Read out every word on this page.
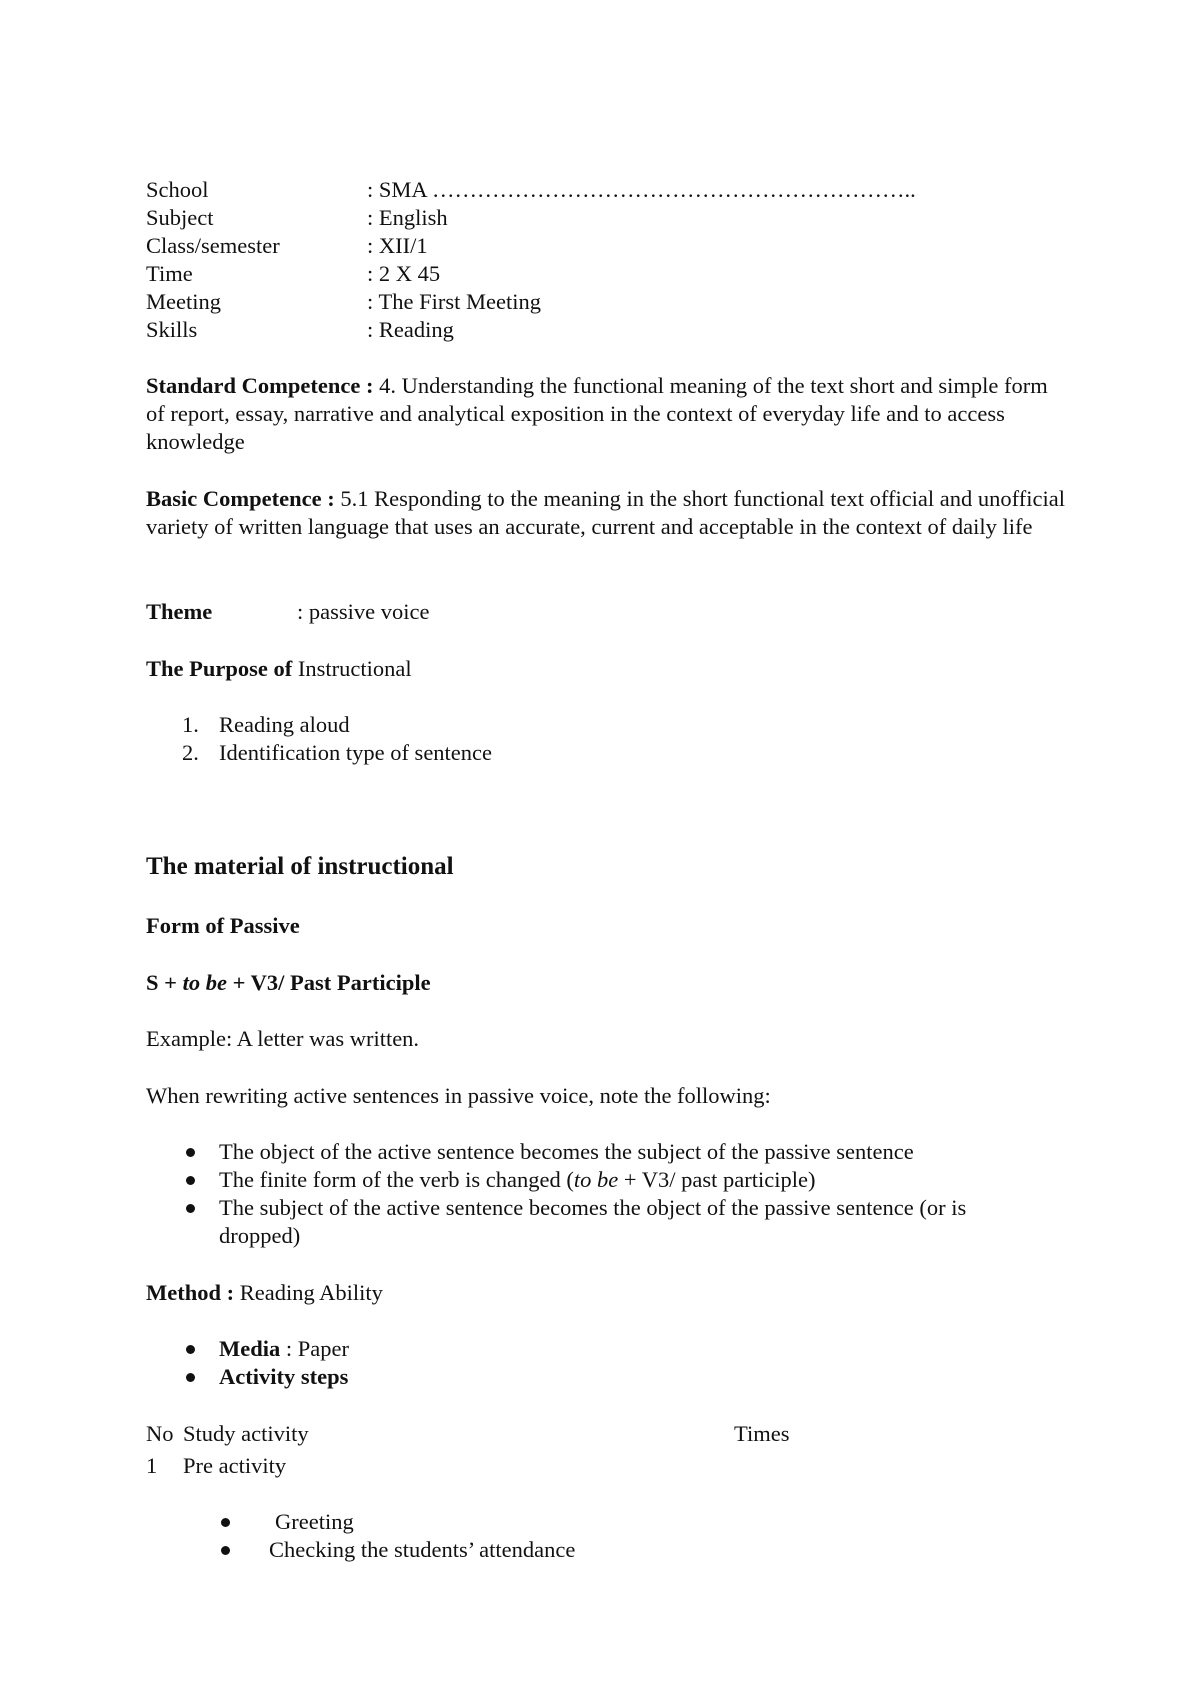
School	: SMA ………………………………………………………..
Subject	: English
Class/semester	: XII/1
Time	: 2 X 45
Meeting	: The First Meeting
Skills	: Reading
Standard Competence : 4. Understanding the functional meaning of the text short and simple form of report, essay, narrative and analytical exposition in the context of everyday life and to access knowledge
Basic Competence : 5.1 Responding to the meaning in the short functional text official and unofficial variety of written language that uses an accurate, current and acceptable in the context of daily life
Theme	: passive voice
The Purpose of Instructional
1. Reading aloud
2. Identification type of sentence
The material of instructional
Form of Passive
S + to be + V3/ Past Participle
Example: A letter was written.
When rewriting active sentences in passive voice, note the following:
The object of the active sentence becomes the subject of the passive sentence
The finite form of the verb is changed (to be + V3/ past participle)
The subject of the active sentence becomes the object of the passive sentence (or is
dropped)
Method : Reading Ability
Media : Paper
Activity steps
No Study activity	Times
1 Pre activity
Greeting
Checking the students’ attendance
